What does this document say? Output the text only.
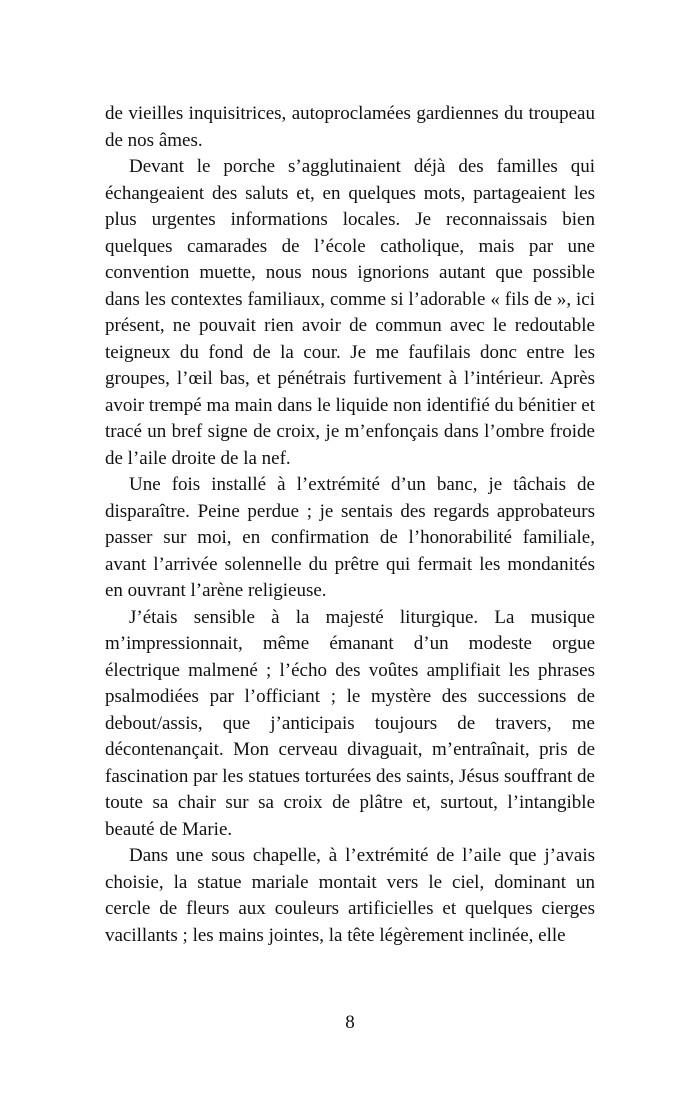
de vieilles inquisitrices, autoproclamées gardiennes du troupeau de nos âmes.

Devant le porche s’agglutinaient déjà des familles qui échangeaient des saluts et, en quelques mots, partageaient les plus urgentes informations locales. Je reconnaissais bien quelques camarades de l’école catholique, mais par une convention muette, nous nous ignorions autant que possible dans les contextes familiaux, comme si l’adorable « fils de », ici présent, ne pouvait rien avoir de commun avec le redoutable teigneux du fond de la cour. Je me faufilais donc entre les groupes, l’œil bas, et pénétrais furtivement à l’intérieur. Après avoir trempé ma main dans le liquide non identifié du bénitier et tracé un bref signe de croix, je m’enfonçais dans l’ombre froide de l’aile droite de la nef.

Une fois installé à l’extrémité d’un banc, je tâchais de disparaître. Peine perdue ; je sentais des regards approbateurs passer sur moi, en confirmation de l’honorabilité familiale, avant l’arrivée solennelle du prêtre qui fermait les mondanités en ouvrant l’arène religieuse.

J’étais sensible à la majesté liturgique. La musique m’impressionnait, même émanant d’un modeste orgue électrique malmené ; l’écho des voûtes amplifiait les phrases psalmodiées par l’officiant ; le mystère des successions de debout/assis, que j’anticipais toujours de travers, me décontenançait. Mon cerveau divaguait, m’entraînait, pris de fascination par les statues torturées des saints, Jésus souffrant de toute sa chair sur sa croix de plâtre et, surtout, l’intangible beauté de Marie.

Dans une sous chapelle, à l’extrémité de l’aile que j’avais choisie, la statue mariale montait vers le ciel, dominant un cercle de fleurs aux couleurs artificielles et quelques cierges vacillants ; les mains jointes, la tête légèrement inclinée, elle

8
